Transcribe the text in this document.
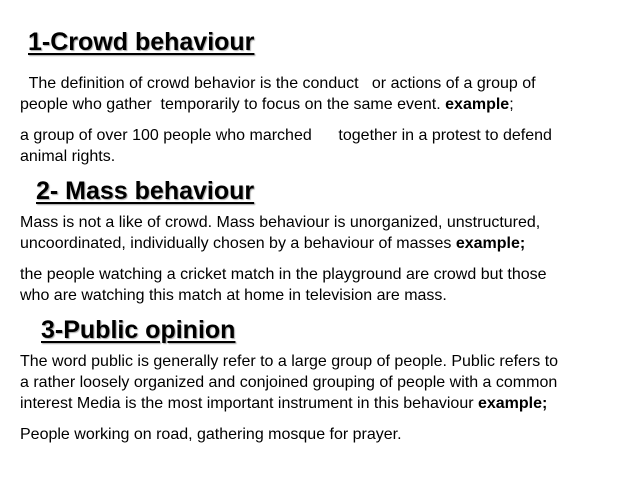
1-Crowd behaviour
The definition of crowd behavior is the conduct   or actions of a group of
people who gather  temporarily to focus on the same event. example;
a group of over 100 people who marched      together in a protest to defend
animal rights.
2- Mass behaviour
Mass is not a like of crowd. Mass behaviour is unorganized, unstructured,
uncoordinated, individually chosen by a behaviour of masses example;
the people watching a cricket match in the playground are crowd but those
who are watching this match at home in television are mass.
3-Public opinion
The word public is generally refer to a large group of people. Public refers to
a rather loosely organized and conjoined grouping of people with a common
interest Media is the most important instrument in this behaviour example;
People working on road, gathering mosque for prayer.
